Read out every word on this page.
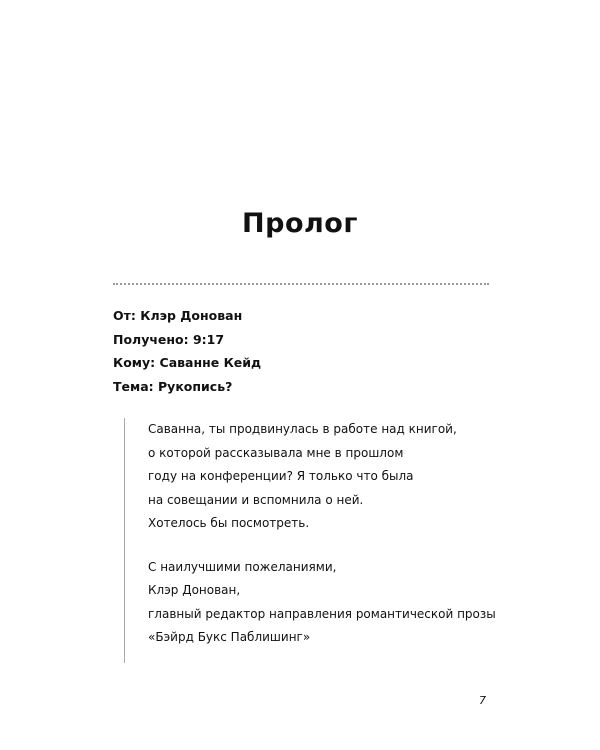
Пролог
От: Клэр Донован
Получено: 9:17
Кому: Саванне Кейд
Тема: Рукопись?
Саванна, ты продвинулась в работе над книгой,
о которой рассказывала мне в прошлом
году на конференции? Я только что была
на совещании и вспомнила о ней.
Хотелось бы посмотреть.
С наилучшими пожеланиями,
Клэр Донован,
главный редактор направления романтической прозы
«Бэйрд Букс Паблишинг»
7
